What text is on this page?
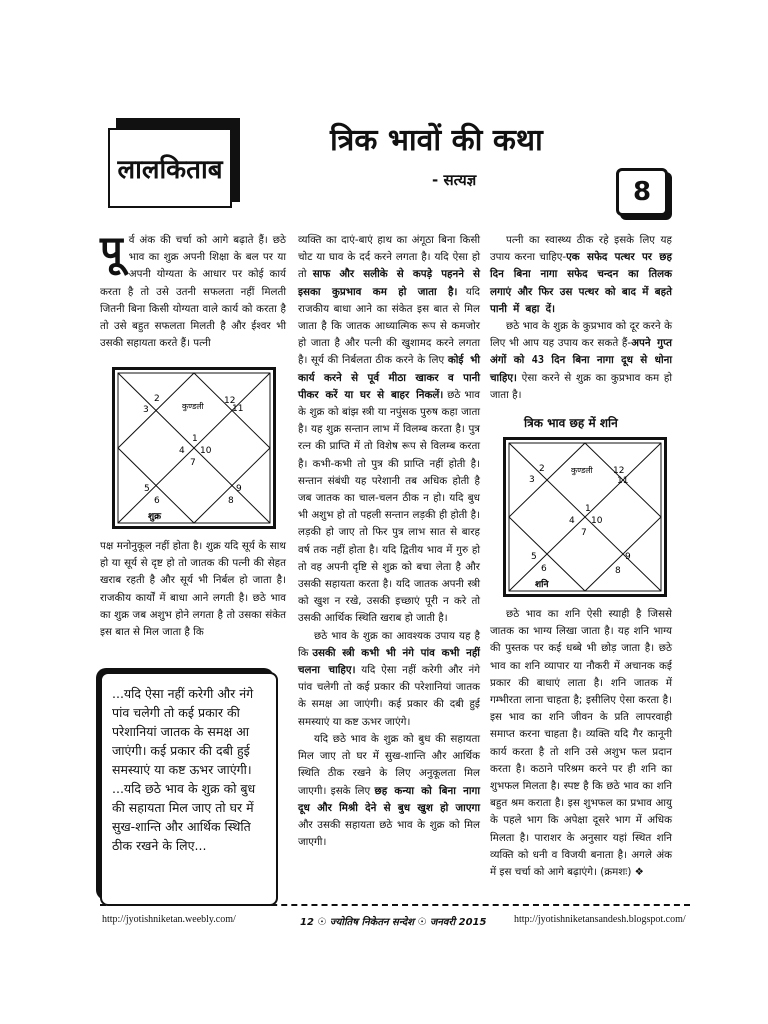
लालकिताब
त्रिक भावों की कथा
- सत्यज्ञ	8

पूर्व अंक की चर्चा को आगे बढ़ाते हैं। छठे भाव का शुक्र अपनी शिक्षा के बल पर या अपनी योग्यता के आधार पर कोई कार्य करता है तो उसे उतनी सफलता नहीं मिलती जितनी बिना किसी योग्यता वाले कार्य को करता है तो उसे बहुत सफलता मिलती है और ईश्वर भी उसकी सहायता करते हैं। पत्नी

कुण्डली
1
2
3
4
5
6
7
8
9
10
11
12
शुक्र

पक्ष मनोनुकूल नहीं होता है। शुक्र यदि सूर्य के साथ हो या सूर्य से दृष्ट हो तो जातक की पत्नी की सेहत खराब रहती है और सूर्य भी निर्बल हो जाता है। राजकीय कार्यों में बाधा आने लगती है। छठे भाव का शुक्र जब अशुभ होने लगता है तो उसका संकेत इस बात से मिल जाता है कि

...यदि ऐसा नहीं करेगी और नंगे पांव चलेगी तो कई प्रकार की परेशानियां जातक के समक्ष आ जाएंगी। कई प्रकार की दबी हुई समस्याएं या कष्ट ऊभर जाएंगी।
...यदि छठे भाव के शुक्र को बुध की सहायता मिल जाए तो घर में सुख-शान्ति और आर्थिक स्थिति ठीक रखने के लिए...

व्यक्ति का दाएं-बाएं हाथ का अंगूठा बिना किसी चोट या घाव के दर्द करने लगता है। यदि ऐसा हो तो साफ और सलीके से कपड़े पहनने से इसका कुप्रभाव कम हो जाता है। यदि राजकीय बाधा आने का संकेत इस बात से मिल जाता है कि जातक आध्यात्मिक रूप से कमजोर हो जाता है और पत्नी की खुशामद करने लगता है। सूर्य की निर्बलता ठीक करने के लिए कोई भी कार्य करने से पूर्व मीठा खाकर व पानी पीकर करें या घर से बाहर निकलें। छठे भाव के शुक्र को बांझ स्त्री या नपुंसक पुरुष कहा जाता है। यह शुक्र सन्तान लाभ में विलम्ब करता है। पुत्र रत्न की प्राप्ति में तो विशेष रूप से विलम्ब करता है। कभी-कभी तो पुत्र की प्राप्ति नहीं होती है। सन्तान संबंधी यह परेशानी तब अधिक होती है जब जातक का चाल-चलन ठीक न हो। यदि बुध भी अशुभ हो तो पहली सन्तान लड़की ही होती है। लड़की हो जाए तो फिर पुत्र लाभ सात से बारह वर्ष तक नहीं होता है। यदि द्वितीय भाव में गुरु हो तो वह अपनी दृष्टि से शुक्र को बचा लेता है और उसकी सहायता करता है। यदि जातक अपनी स्त्री को खुश न रखे, उसकी इच्छाएं पूरी न करे तो उसकी आर्थिक स्थिति खराब हो जाती है।

छठे भाव के शुक्र का आवश्यक उपाय यह है कि उसकी स्त्री कभी भी नंगे पांव कभी नहीं चलना चाहिए। यदि ऐसा नहीं करेगी और नंगे पांव चलेगी तो कई प्रकार की परेशानियां जातक के समक्ष आ जाएंगी। कई प्रकार की दबी हुई समस्याएं या कष्ट ऊभर जाएंगे।

यदि छठे भाव के शुक्र को बुध की सहायता मिल जाए तो घर में सुख-शान्ति और आर्थिक स्थिति ठीक रखने के लिए अनुकूलता मिल जाएगी। इसके लिए छह कन्या को बिना नागा दूध और मिश्री देने से बुध खुश हो जाएगा और उसकी सहायता छठे भाव के शुक्र को मिल जाएगी।

पत्नी का स्वास्थ्य ठीक रहे इसके लिए यह उपाय करना चाहिए-एक सफेद पत्थर पर छह दिन बिना नागा सफेद चन्दन का तिलक लगाएं और फिर उस पत्थर को बाद में बहते पानी में बहा दें।

छठे भाव के शुक्र के कुप्रभाव को दूर करने के लिए भी आप यह उपाय कर सकते हैं-अपने गुप्त अंगों को 43 दिन बिना नागा दूध से धोना चाहिए। ऐसा करने से शुक्र का कुप्रभाव कम हो जाता है।

त्रिक भाव छह में शनि
कुण्डली
1
2
3
4
5
6
7
8
9
10
11
12
शनि

छठे भाव का शनि ऐसी स्याही है जिससे जातक का भाग्य लिखा जाता है। यह शनि भाग्य की पुस्तक पर कई धब्बे भी छोड़ जाता है। छठे भाव का शनि व्यापार या नौकरी में अचानक कई प्रकार की बाधाएं लाता है। शनि जातक में गम्भीरता लाना चाहता है; इसीलिए ऐसा करता है। इस भाव का शनि जीवन के प्रति लापरवाही समाप्त करना चाहता है। व्यक्ति यदि गैर कानूनी कार्य करता है तो शनि उसे अशुभ फल प्रदान करता है। कठाने परिश्रम करने पर ही शनि का शुभफल मिलता है। स्पष्ट है कि छठे भाव का शनि बहुत श्रम कराता है। इस शुभफल का प्रभाव आयु के पहले भाग कि अपेक्षा दूसरे भाग में अधिक मिलता है। पाराशर के अनुसार यहां स्थित शनि व्यक्ति को धनी व विजयी बनाता है। अगले अंक में इस चर्चा को आगे बढ़ाएंगे। (क्रमशः) ❖

http://jyotishniketan.weebly.com/	12 ☉ ज्योतिष निकेतन सन्देश ☉ जनवरी 2015	http://jyotishniketansandesh.blogspot.com/
